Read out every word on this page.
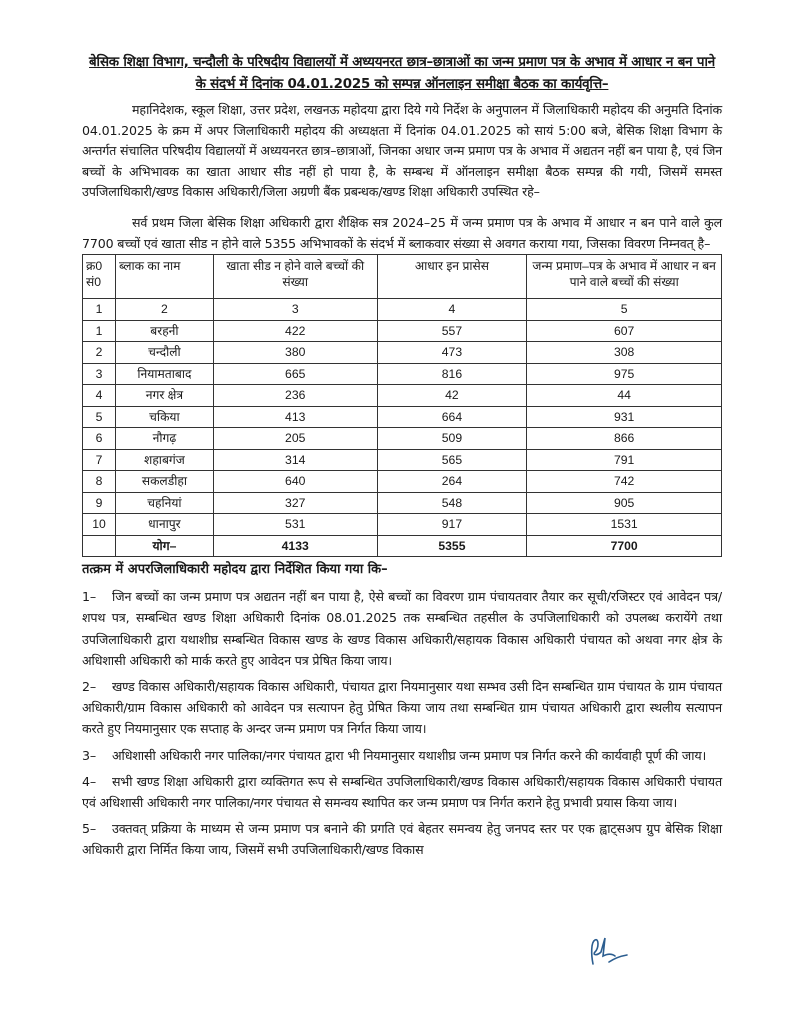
बेसिक शिक्षा विभाग, चन्दौली के परिषदीय विद्यालयों में अध्ययनरत छात्र–छात्राओं का जन्म प्रमाण पत्र के अभाव में आधार न बन पाने के संदर्भ में दिनांक 04.01.2025 को सम्पन्न ऑनलाइन समीक्षा बैठक का कार्यवृत्ति–

महानिदेशक, स्कूल शिक्षा, उत्तर प्रदेश, लखनऊ महोदया द्वारा दिये गये निर्देश के अनुपालन में जिलाधिकारी महोदय की अनुमति दिनांक 04.01.2025 के क्रम में अपर जिलाधिकारी महोदय की अध्यक्षता में दिनांक 04.01.2025 को सायं 5:00 बजे, बेसिक शिक्षा विभाग के अन्तर्गत संचालित परिषदीय विद्यालयों में अध्ययनरत छात्र–छात्राओं, जिनका अधार जन्म प्रमाण पत्र के अभाव में अद्यतन नहीं बन पाया है, एवं जिन बच्चों के अभिभावक का खाता आधार सीड नहीं हो पाया है, के सम्बन्ध में ऑनलाइन समीक्षा बैठक सम्पन्न की गयी, जिसमें समस्त उपजिलाधिकारी/खण्ड विकास अधिकारी/जिला अग्रणी बैंक प्रबन्धक/खण्ड शिक्षा अधिकारी उपस्थित रहे–

सर्व प्रथम जिला बेसिक शिक्षा अधिकारी द्वारा शैक्षिक सत्र 2024–25 में जन्म प्रमाण पत्र के अभाव में आधार न बन पाने वाले कुल 7700 बच्चों एवं खाता सीड न होने वाले 5355 अभिभावकों के संदर्भ में ब्लाकवार संख्या से अवगत कराया गया, जिसका विवरण निम्नवत् है–

क्र0 सं0	ब्लाक का नाम	खाता सीड न होने वाले बच्चों की संख्या	आधार इन प्रासेस	जन्म प्रमाण–पत्र के अभाव में आधार न बन पाने वाले बच्चों की संख्या
1	2	3	4	5
1	बरहनी	422	557	607
2	चन्दौली	380	473	308
3	नियामताबाद	665	816	975
4	नगर क्षेत्र	236	42	44
5	चकिया	413	664	931
6	नौगढ़	205	509	866
7	शहाबगंज	314	565	791
8	सकलडीहा	640	264	742
9	चहनियां	327	548	905
10	धानापुर	531	917	1531
	योग–	4133	5355	7700
तत्क्रम में अपरजिलाधिकारी महोदय द्वारा निर्देशित किया गया कि–
1– जिन बच्चों का जन्म प्रमाण पत्र अद्यतन नहीं बन पाया है, ऐसे बच्चों का विवरण ग्राम पंचायतवार तैयार कर सूची/रजिस्टर एवं आवेदन पत्र/शपथ पत्र, सम्बन्धित खण्ड शिक्षा अधिकारी दिनांक 08.01.2025 तक सम्बन्धित तहसील के उपजिलाधिकारी को उपलब्ध करायेंगे तथा उपजिलाधिकारी द्वारा यथाशीघ्र सम्बन्धित विकास खण्ड के खण्ड विकास अधिकारी/सहायक विकास अधिकारी पंचायत को अथवा नगर क्षेत्र के अधिशासी अधिकारी को मार्क करते हुए आवेदन पत्र प्रेषित किया जाय।
2– खण्ड विकास अधिकारी/सहायक विकास अधिकारी, पंचायत द्वारा नियमानुसार यथा सम्भव उसी दिन सम्बन्धित ग्राम पंचायत के ग्राम पंचायत अधिकारी/ग्राम विकास अधिकारी को आवेदन पत्र सत्यापन हेतु प्रेषित किया जाय तथा सम्बन्धित ग्राम पंचायत अधिकारी द्वारा स्थलीय सत्यापन करते हुए नियमानुसार एक सप्ताह के अन्दर जन्म प्रमाण पत्र निर्गत किया जाय।
3– अधिशासी अधिकारी नगर पालिका/नगर पंचायत द्वारा भी नियमानुसार यथाशीघ्र जन्म प्रमाण पत्र निर्गत करने की कार्यवाही पूर्ण की जाय।
4– सभी खण्ड शिक्षा अधिकारी द्वारा व्यक्तिगत रूप से सम्बन्धित उपजिलाधिकारी/खण्ड विकास अधिकारी/सहायक विकास अधिकारी पंचायत एवं अधिशासी अधिकारी नगर पालिका/नगर पंचायत से समन्वय स्थापित कर जन्म प्रमाण पत्र निर्गत कराने हेतु प्रभावी प्रयास किया जाय।
5– उक्तवत् प्रक्रिया के माध्यम से जन्म प्रमाण पत्र बनाने की प्रगति एवं बेहतर समन्वय हेतु जनपद स्तर पर एक ह्वाट्सअप ग्रुप बेसिक शिक्षा अधिकारी द्वारा निर्मित किया जाय, जिसमें सभी उपजिलाधिकारी/खण्ड विकास
